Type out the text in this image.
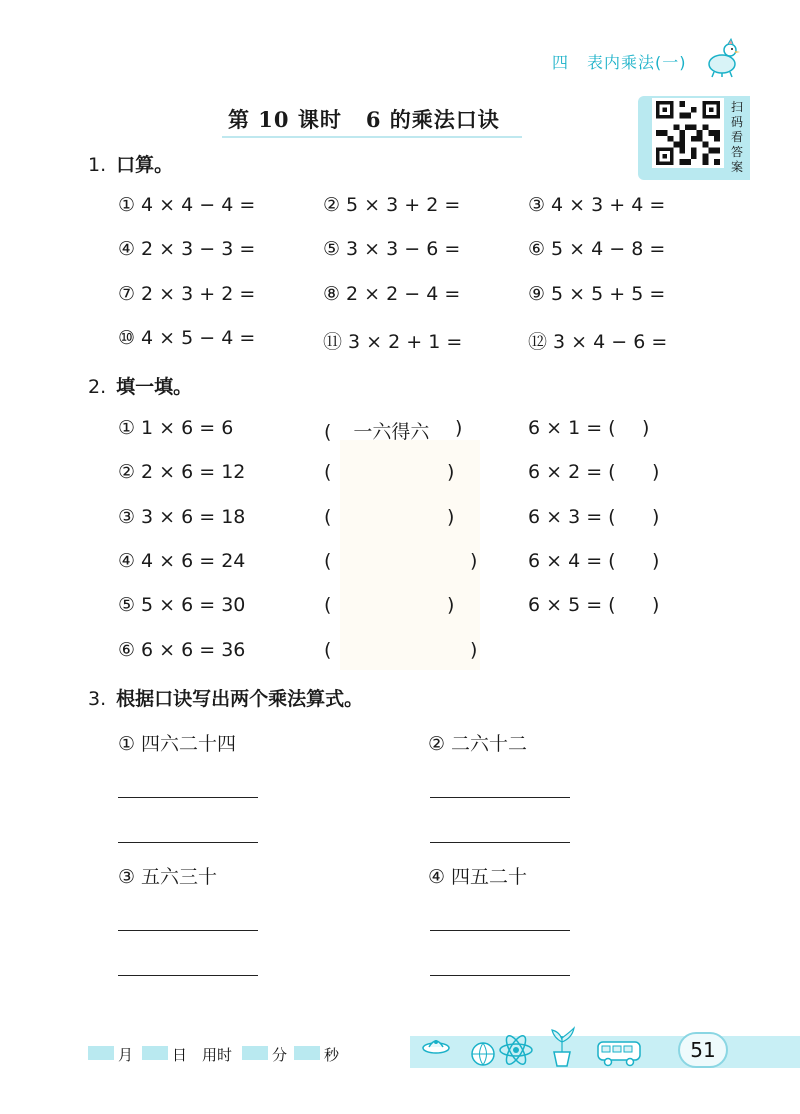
四 表内乘法(一)
第 10 课时 6 的乘法口诀	扫
码
看
答
案
1. 口算。
① 4 × 4 − 4 =	② 5 × 3 + 2 =	③ 4 × 3 + 4 =
④ 2 × 3 − 3 =	⑤ 3 × 3 − 6 =	⑥ 5 × 4 − 8 =
⑦ 2 × 3 + 2 =	⑧ 2 × 2 − 4 =	⑨ 5 × 5 + 5 =
⑩ 4 × 5 − 4 =	⑪ 3 × 2 + 1 =	⑫ 3 × 4 − 6 =
2. 填一填。
① 1 × 6 = 6	( 一六得六 )	6 × 1 = ( )
② 2 × 6 = 12	(	)	6 × 2 = ( )
③ 3 × 6 = 18	(	)	6 × 3 = ( )
④ 4 × 6 = 24	(	)	6 × 4 = ( )
⑤ 5 × 6 = 30	(	)	6 × 5 = ( )
⑥ 6 × 6 = 36	(	)
3. 根据口诀写出两个乘法算式。
① 四六二十四	② 二六十二
③ 五六三十	④ 四五二十
月	日 用时	分 秒	51
